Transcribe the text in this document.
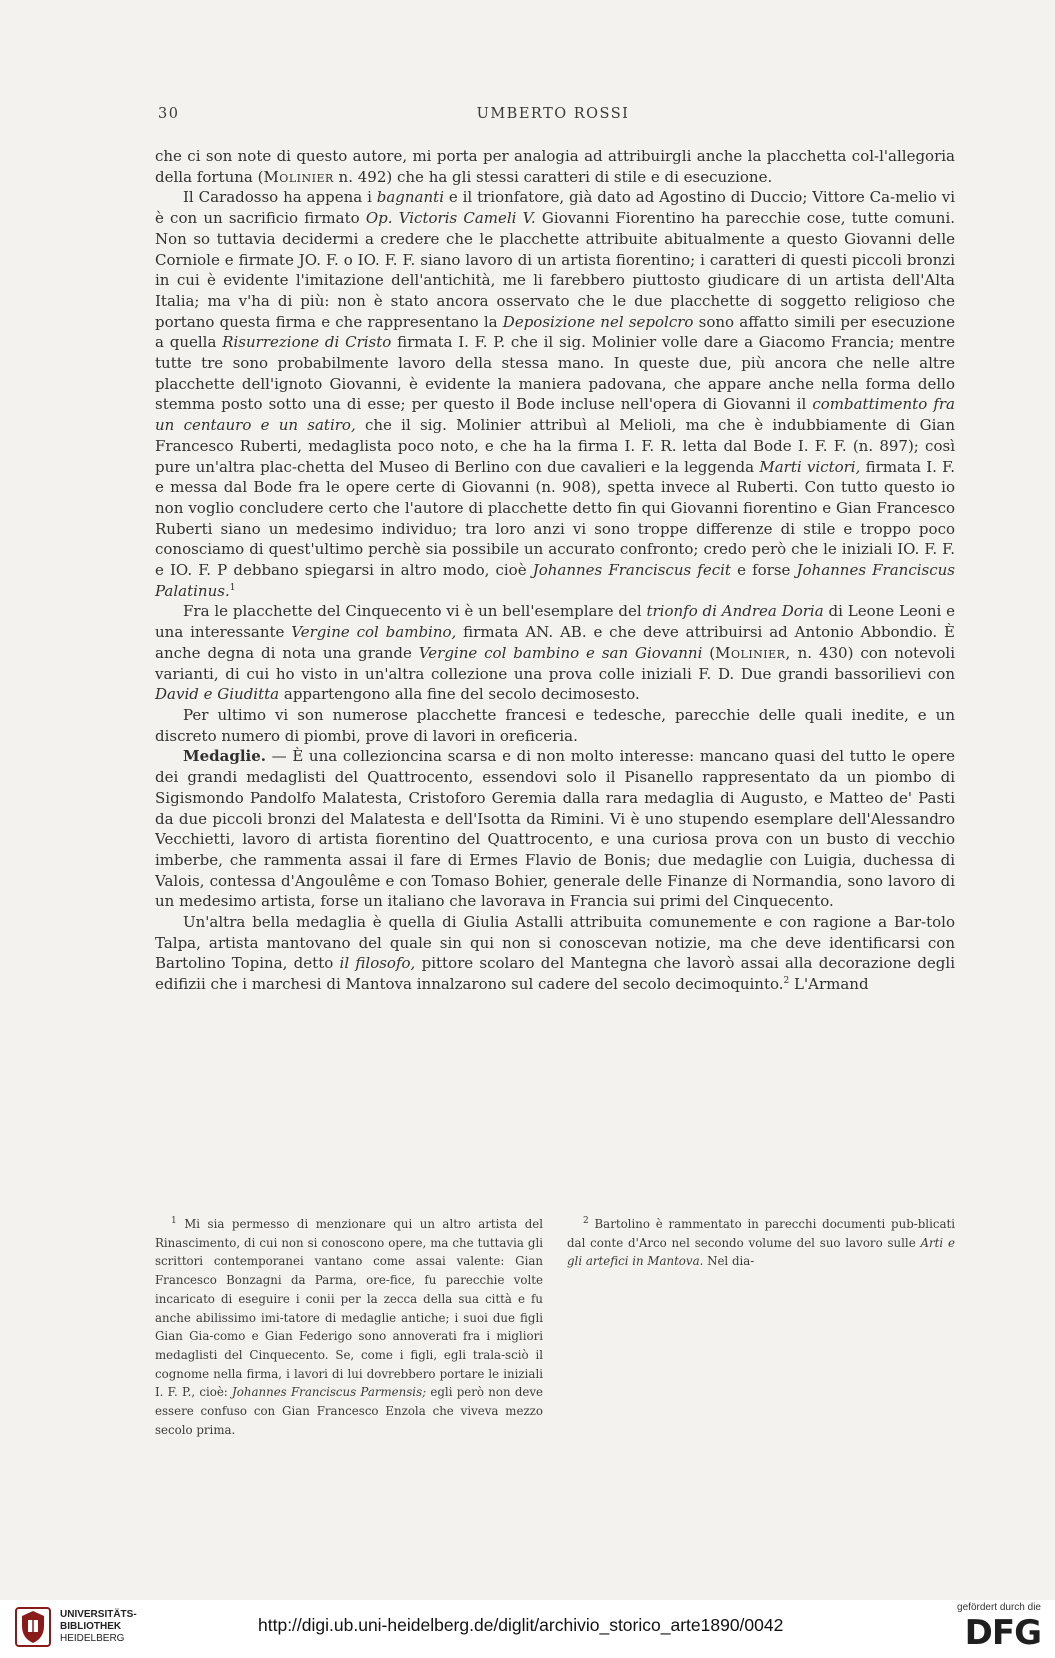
30	UMBERTO ROSSI

che ci son note di questo autore, mi porta per analogia ad attribuirgli anche la placchetta col-l'allegoria della fortuna (Molinier n. 492) che ha gli stessi caratteri di stile e di esecuzione.

Il Caradosso ha appena i bagnanti e il trionfatore, già dato ad Agostino di Duccio; Vittore Ca-melio vi è con un sacrificio firmato Op. Victoris Cameli V. Giovanni Fiorentino ha parecchie cose, tutte comuni. Non so tuttavia decidermi a credere che le placchette attribuite abitualmente a questo Giovanni delle Corniole e firmate JO. F. o IO. F. F. siano lavoro di un artista fiorentino; i caratteri di questi piccoli bronzi in cui è evidente l'imitazione dell'antichità, me li farebbero piuttosto giudicare di un artista dell'Alta Italia; ma v'ha di più: non è stato ancora osservato che le due placchette di soggetto religioso che portano questa firma e che rappresentano la Deposizione nel sepolcro sono affatto simili per esecuzione a quella Risurrezione di Cristo firmata I. F. P. che il sig. Molinier volle dare a Giacomo Francia; mentre tutte tre sono probabilmente lavoro della stessa mano. In queste due, più ancora che nelle altre placchette dell'ignoto Giovanni, è evidente la maniera padovana, che appare anche nella forma dello stemma posto sotto una di esse; per questo il Bode incluse nell'opera di Giovanni il combattimento fra un centauro e un satiro, che il sig. Molinier attribuì al Melioli, ma che è indubbiamente di Gian Francesco Ruberti, medaglista poco noto, e che ha la firma I. F. R. letta dal Bode I. F. F. (n. 897); così pure un'altra plac-chetta del Museo di Berlino con due cavalieri e la leggenda Marti victori, firmata I. F. e messa dal Bode fra le opere certe di Giovanni (n. 908), spetta invece al Ruberti. Con tutto questo io non voglio concludere certo che l'autore di placchette detto fin qui Giovanni fiorentino e Gian Francesco Ruberti siano un medesimo individuo; tra loro anzi vi sono troppe differenze di stile e troppo poco conosciamo di quest'ultimo perchè sia possibile un accurato confronto; credo però che le iniziali IO. F. F. e IO. F. P debbano spiegarsi in altro modo, cioè Johannes Franciscus fecit e forse Johannes Franciscus Palatinus.$^1$

Fra le placchette del Cinquecento vi è un bell'esemplare del trionfo di Andrea Doria di Leone Leoni e una interessante Vergine col bambino, firmata AN. AB. e che deve attribuirsi ad Antonio Abbondio. È anche degna di nota una grande Vergine col bambino e san Giovanni (Molinier, n. 430) con notevoli varianti, di cui ho visto in un'altra collezione una prova colle iniziali F. D. Due grandi bassorilievi con David e Giuditta appartengono alla fine del secolo decimosesto.

Per ultimo vi son numerose placchette francesi e tedesche, parecchie delle quali inedite, e un discreto numero di piombi, prove di lavori in oreficeria.

Medaglie. — È una collezioncina scarsa e di non molto interesse: mancano quasi del tutto le opere dei grandi medaglisti del Quattrocento, essendovi solo il Pisanello rappresentato da un piombo di Sigismondo Pandolfo Malatesta, Cristoforo Geremia dalla rara medaglia di Augusto, e Matteo de' Pasti da due piccoli bronzi del Malatesta e dell'Isotta da Rimini. Vi è uno stupendo esemplare dell'Alessandro Vecchietti, lavoro di artista fiorentino del Quattrocento, e una curiosa prova con un busto di vecchio imberbe, che rammenta assai il fare di Ermes Flavio de Bonis; due medaglie con Luigia, duchessa di Valois, contessa d'Angoulême e con Tomaso Bohier, generale delle Finanze di Normandia, sono lavoro di un medesimo artista, forse un italiano che lavorava in Francia sui primi del Cinquecento.

Un'altra bella medaglia è quella di Giulia Astalli attribuita comunemente e con ragione a Bar-tolo Talpa, artista mantovano del quale sin qui non si conoscevan notizie, ma che deve identificarsi con Bartolino Topina, detto il filosofo, pittore scolaro del Mantegna che lavorò assai alla decorazione degli edifizii che i marchesi di Mantova innalzarono sul cadere del secolo decimoquinto.$^2$ L'Armand

$^1$ Mi sia permesso di menzionare qui un altro artista del Rinascimento, di cui non si conoscono opere, ma che tuttavia gli scrittori contemporanei vantano come assai valente: Gian Francesco Bonzagni da Parma, ore-fice, fu parecchie volte incaricato di eseguire i conii per la zecca della sua città e fu anche abilissimo imi-tatore di medaglie antiche; i suoi due figli Gian Gia-como e Gian Federigo sono annoverati fra i migliori medaglisti del Cinquecento. Se, come i figli, egli trala-sciò il cognome nella firma, i lavori di lui dovrebbero portare le iniziali I. F. P., cioè: Johannes Franciscus Parmensis; egli però non deve essere confuso con Gian Francesco Enzola che viveva mezzo secolo prima.

$^2$ Bartolino è rammentato in parecchi documenti pub-blicati dal conte d'Arco nel secondo volume del suo lavoro sulle Arti e gli artefici in Mantova. Nel dia-

UNIVERSITÄTS-
BIBLIOTHEK
HEIDELBERG
http://digi.ub.uni-heidelberg.de/diglit/archivio_storico_arte1890/0042
gefördert durch die
DFG
